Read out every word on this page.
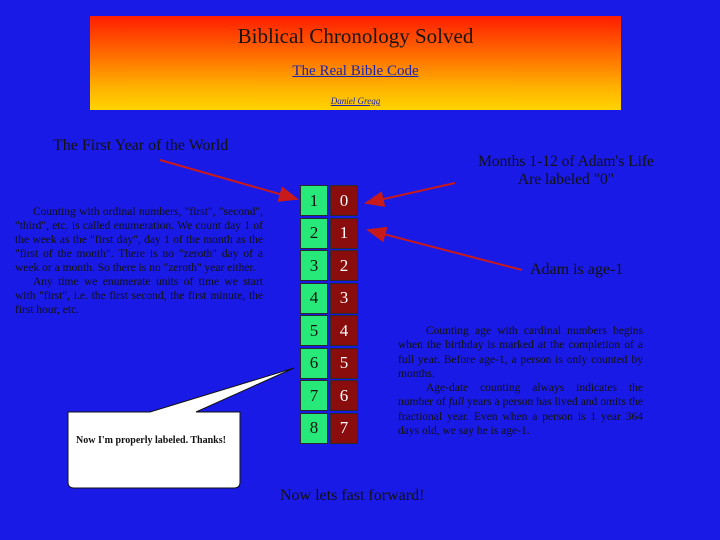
Biblical Chronology Solved
The Real Bible Code
Daniel Gregg
The First Year of the World

Counting with ordinal numbers, "first", "second", "third", etc. is called enumeration. We count day 1 of the week as the "first day", day 1 of the month as the "first of the month". There is no "zeroth" day of a week or a month. So there is no "zeroth" year either.

Any time we enumerate units of time we start with "first", i.e. the first second, the first minute, the first hour, etc.

Now I'm properly labeled. Thanks!
1	0
2	1
3	2
4	3
5	4
6	5
7	6
8	7
Months 1-12 of Adam's Life
Are labeled "0"
Adam is age-1

Counting age with cardinal numbers begins when the birthday is marked at the completion of a full year. Before age-1, a person is only counted by months.

Age-date counting always indicates the number of full years a person has lived and omits the fractional year. Even when a person is 1 year 364 days old, we say he is age-1.

Now lets fast forward!
